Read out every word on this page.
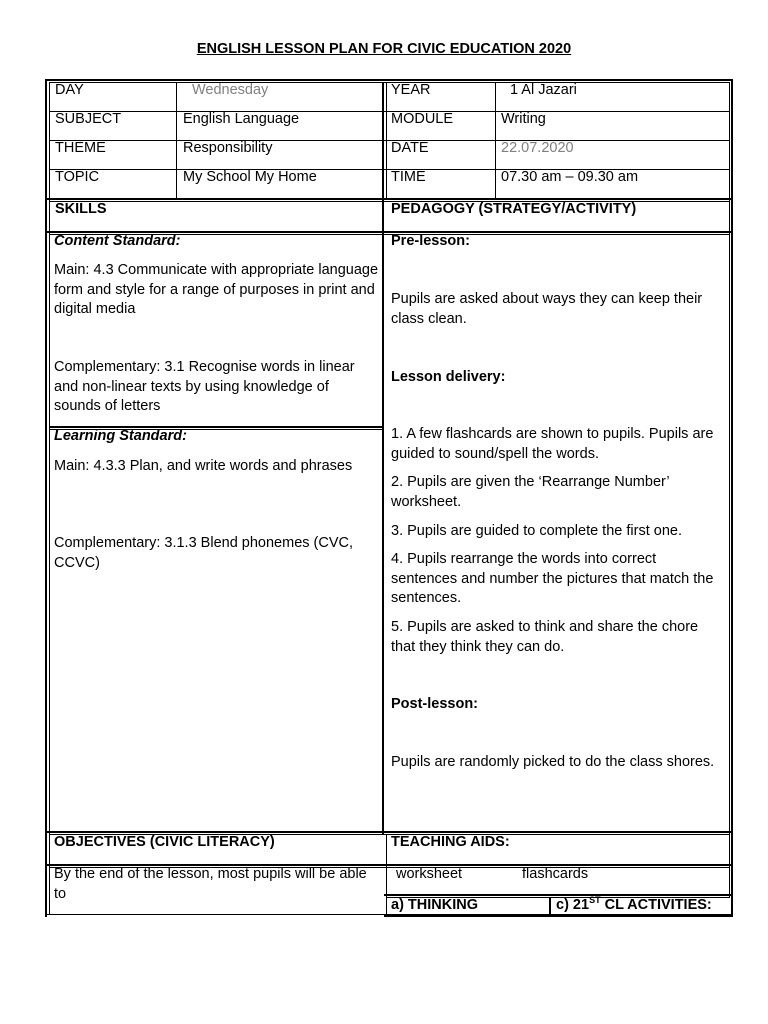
ENGLISH LESSON PLAN FOR CIVIC EDUCATION 2020
DAY	Wednesday	YEAR	1 Al Jazari
SUBJECT	English Language	MODULE	Writing
THEME	Responsibility	DATE	22.07.2020
TOPIC	My School My Home	TIME	07.30 am – 09.30 am
SKILLS	PEDAGOGY (STRATEGY/ACTIVITY)
Content Standard:
Main: 4.3 Communicate with appropriate language form and style for a range of purposes in print and digital media
Complementary: 3.1 Recognise words in linear and non-linear texts by using knowledge of sounds of letters
Learning Standard:
Main: 4.3.3 Plan, and write words and phrases
Complementary: 3.1.3 Blend phonemes (CVC, CCVC)
Pre-lesson:
Pupils are asked about ways they can keep their class clean.
Lesson delivery:
1. A few flashcards are shown to pupils. Pupils are guided to sound/spell the words.
2. Pupils are given the ‘Rearrange Number’ worksheet.
3. Pupils are guided to complete the first one.
4. Pupils rearrange the words into correct sentences and number the pictures that match the sentences.
5. Pupils are asked to think and share the chore that they think they can do.
Post-lesson:
Pupils are randomly picked to do the class shores.
OBJECTIVES (CIVIC LITERACY)	TEACHING AIDS:
By the end of the lesson, most pupils will be able to
worksheet	flashcards
a) THINKING	c) 21ST CL ACTIVITIES:
